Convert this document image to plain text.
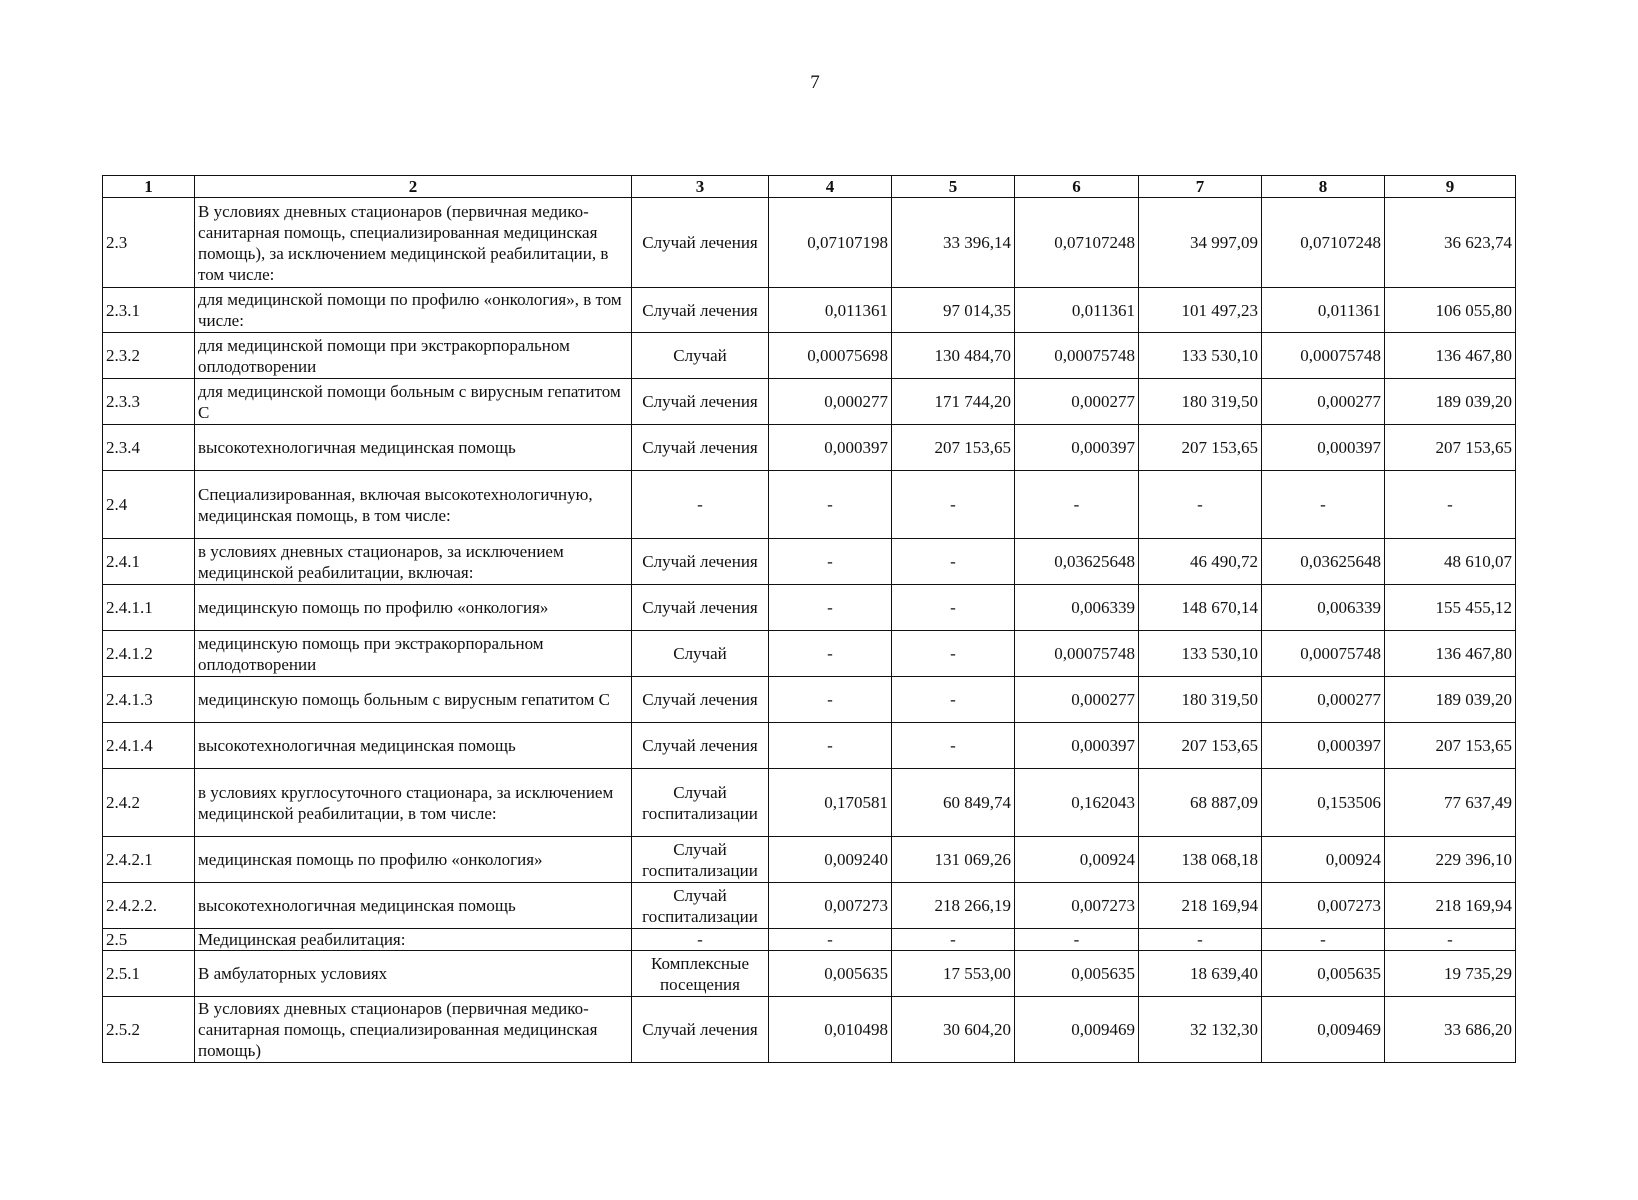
7
1	2	3	4	5	6	7	8	9
2.3	В условиях дневных стационаров (первичная медико-санитарная помощь, специализированная медицинская помощь), за исключением медицинской реабилитации, в том числе:	Случай лечения	0,07107198	33 396,14	0,07107248	34 997,09	0,07107248	36 623,74
2.3.1	для медицинской помощи по профилю «онкология», в том числе:	Случай лечения	0,011361	97 014,35	0,011361	101 497,23	0,011361	106 055,80
2.3.2	для медицинской помощи при экстракорпоральном оплодотворении	Случай	0,00075698	130 484,70	0,00075748	133 530,10	0,00075748	136 467,80
2.3.3	для медицинской помощи больным с вирусным гепатитом С	Случай лечения	0,000277	171 744,20	0,000277	180 319,50	0,000277	189 039,20
2.3.4	высокотехнологичная медицинская помощь	Случай лечения	0,000397	207 153,65	0,000397	207 153,65	0,000397	207 153,65
2.4	Специализированная, включая высокотехнологичную, медицинская помощь, в том числе:	-	-	-	-	-	-	-
2.4.1	в условиях дневных стационаров, за исключением медицинской реабилитации, включая:	Случай лечения	-	-	0,03625648	46 490,72	0,03625648	48 610,07
2.4.1.1	медицинскую помощь по профилю «онкология»	Случай лечения	-	-	0,006339	148 670,14	0,006339	155 455,12
2.4.1.2	медицинскую помощь при экстракорпоральном оплодотворении	Случай	-	-	0,00075748	133 530,10	0,00075748	136 467,80
2.4.1.3	медицинскую помощь больным с вирусным гепатитом С	Случай лечения	-	-	0,000277	180 319,50	0,000277	189 039,20
2.4.1.4	высокотехнологичная медицинская помощь	Случай лечения	-	-	0,000397	207 153,65	0,000397	207 153,65
2.4.2	в условиях круглосуточного стационара, за исключением медицинской реабилитации, в том числе:	Случай госпитализации	0,170581	60 849,74	0,162043	68 887,09	0,153506	77 637,49
2.4.2.1	медицинская помощь по профилю «онкология»	Случай госпитализации	0,009240	131 069,26	0,00924	138 068,18	0,00924	229 396,10
2.4.2.2.	высокотехнологичная медицинская помощь	Случай госпитализации	0,007273	218 266,19	0,007273	218 169,94	0,007273	218 169,94
2.5	Медицинская реабилитация:	-	-	-	-	-	-	-
2.5.1	В амбулаторных условиях	Комплексные посещения	0,005635	17 553,00	0,005635	18 639,40	0,005635	19 735,29
2.5.2	В условиях дневных стационаров (первичная медико-санитарная помощь, специализированная медицинская помощь)	Случай лечения	0,010498	30 604,20	0,009469	32 132,30	0,009469	33 686,20
